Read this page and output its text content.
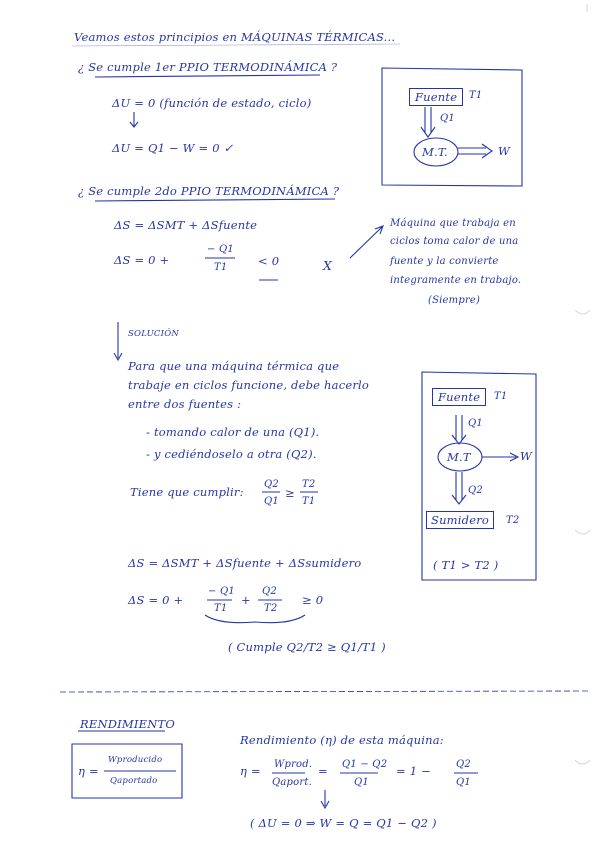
Veamos estos principios en MÁQUINAS TÉRMICAS...
¿ Se cumple 1er PPIO TERMODINÁMICA ?
ΔU = 0 (función de estado, ciclo)
ΔU = Q1 − W = 0 ✓
Fuente	T1
Q1
M.T.	W
¿ Se cumple 2do PPIO TERMODINÁMICA ?
ΔS = ΔSMT + ΔSfuente
ΔS = 0 +
− Q1
T1	< 0	X
Máquina que trabaja en
ciclos toma calor de una
fuente y la convierte
integramente en trabajo.
(Siempre)
SOLUCIÓN
Para que una máquina térmica que
trabaje en ciclos funcione, debe hacerlo
entre dos fuentes :
- tomando calor de una (Q1).
- y cediéndoselo a otra (Q2).
Tiene que cumplir:
Q2
Q1
≥
T2
T1
Fuente	T1
Q1
M.T	W
Q2
Sumidero	T2
( T1 > T2 )
ΔS = ΔSMT + ΔSfuente + ΔSsumidero
ΔS = 0 +
− Q1
T1
+
Q2
T2
≥ 0
( Cumple Q2/T2 ≥ Q1/T1 )
RENDIMIENTO
η =
Wproducido
Qaportado
Rendimiento (η) de esta máquina:
η = Wprod.
Qaport.
= Q1 − Q2
Q1
= 1 −	Q2
Q1
( ΔU = 0 ⇒ W = Q = Q1 − Q2 )
